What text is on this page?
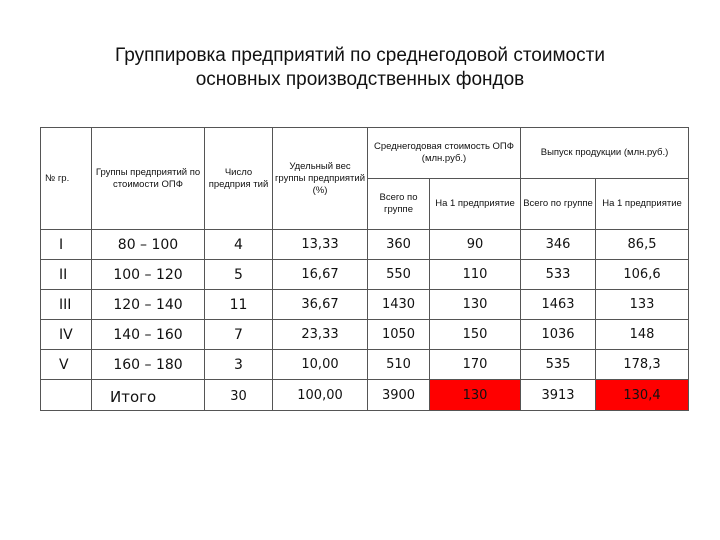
Группировка предприятий по среднегодовой стоимости
основных производственных фондов
№ гр.	Группы предприятий по стоимости ОПФ	Число предприя тий	Удельный вес группы предприятий (%)	Среднегодовая стоимость ОПФ (млн.руб.)		Выпуск продукции (млн.руб.)	
				Всего по группе	На 1 предприятие	Всего по группе	На 1 предприятие
I	80 – 100	4	13,33	360	90	346	86,5
II	100 – 120	5	16,67	550	110	533	106,6
III	120 – 140	11	36,67	1430	130	1463	133
IV	140 – 160	7	23,33	1050	150	1036	148
V	160 – 180	3	10,00	510	170	535	178,3
	Итого	30	100,00	3900	130	3913	130,4
